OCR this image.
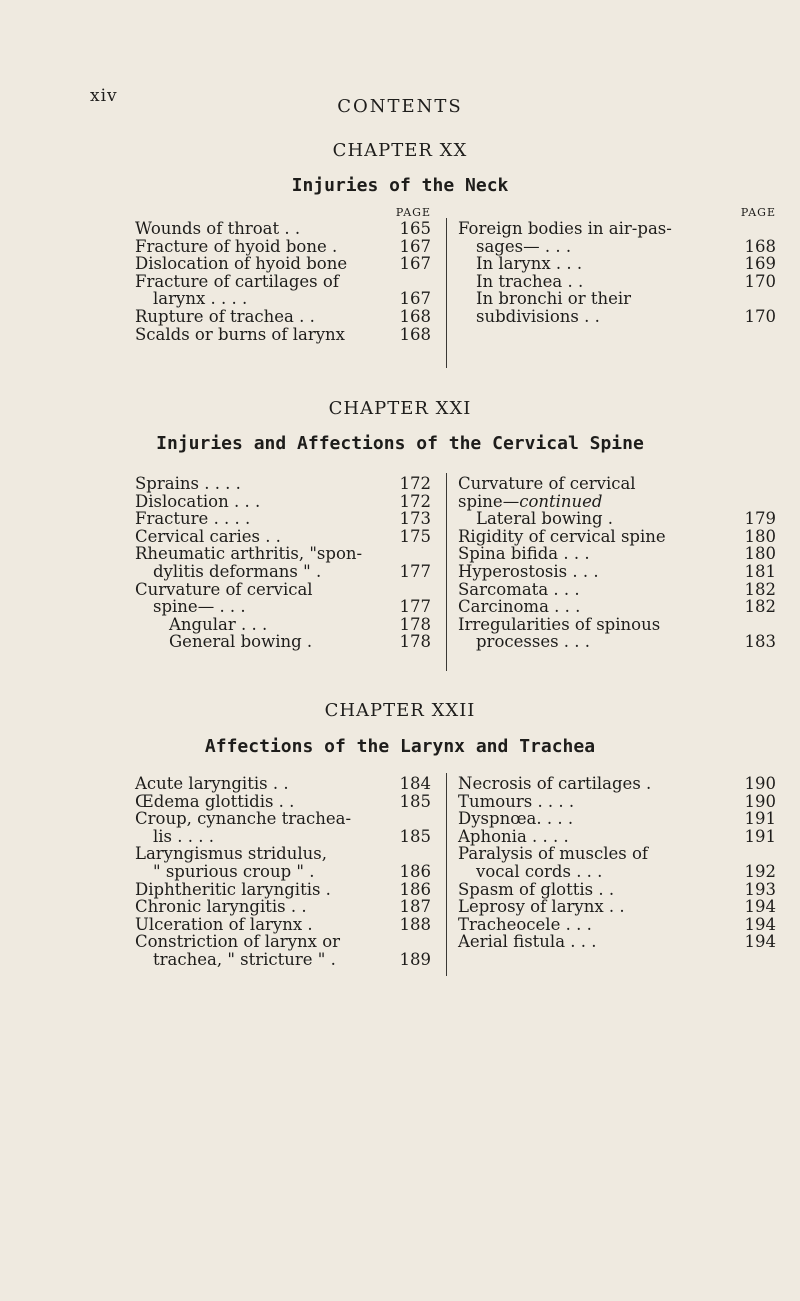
xiv	CONTENTS
CHAPTER XX
Injuries of the Neck
PAGE
Wounds of throat . .	165
Fracture of hyoid bone .	167
Dislocation of hyoid bone	167
Fracture of cartilages of
larynx . . . .	167
Rupture of trachea . .	168
Scalds or burns of larynx	168
PAGE
Foreign bodies in air-pas-
sages— . . .	168
In larynx . . .	169
In trachea . .	170
In bronchi or their
subdivisions . .	170
CHAPTER XXI
Injuries and Affections of the Cervical Spine
Sprains . . . .	172
Dislocation . . .	172
Fracture . . . .	173
Cervical caries . .	175
Rheumatic arthritis, "spon-
dylitis deformans " .	177
Curvature of cervical
spine— . . .	177
Angular . . .	178
General bowing .	178
Curvature of cervical
spine—continued
Lateral bowing .	179
Rigidity of cervical spine	180
Spina bifida . . .	180
Hyperostosis . . .	181
Sarcomata . . .	182
Carcinoma . . .	182
Irregularities of spinous
processes . . .	183
CHAPTER XXII
Affections of the Larynx and Trachea
Acute laryngitis . .	184
Œdema glottidis . .	185
Croup, cynanche trachea-
lis . . . .	185
Laryngismus stridulus,
" spurious croup " .	186
Diphtheritic laryngitis .	186
Chronic laryngitis . .	187
Ulceration of larynx .	188
Constriction of larynx or
trachea, " stricture " .	189
Necrosis of cartilages .	190
Tumours . . . .	190
Dyspnœa. . . .	191
Aphonia . . . .	191
Paralysis of muscles of
vocal cords . . .	192
Spasm of glottis . .	193
Leprosy of larynx . .	194
Tracheocele . . .	194
Aerial fistula . . .	194
